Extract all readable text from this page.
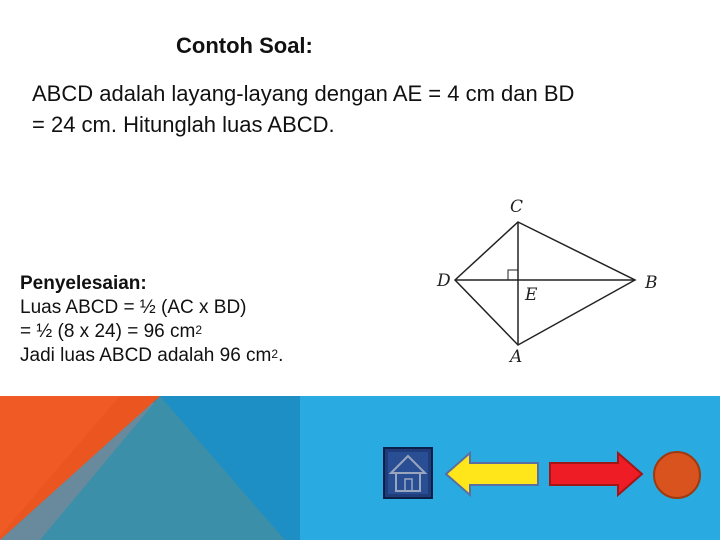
Contoh Soal:
ABCD adalah layang-layang dengan AE = 4 cm dan BD = 24 cm. Hitunglah luas ABCD.
Penyelesaian:
Luas ABCD = ½ (AC x BD)
= ½ (8 x 24) = 96 $cm^2$
Jadi luas ABCD adalah 96 $cm^2$.
C
D	B
E
A
